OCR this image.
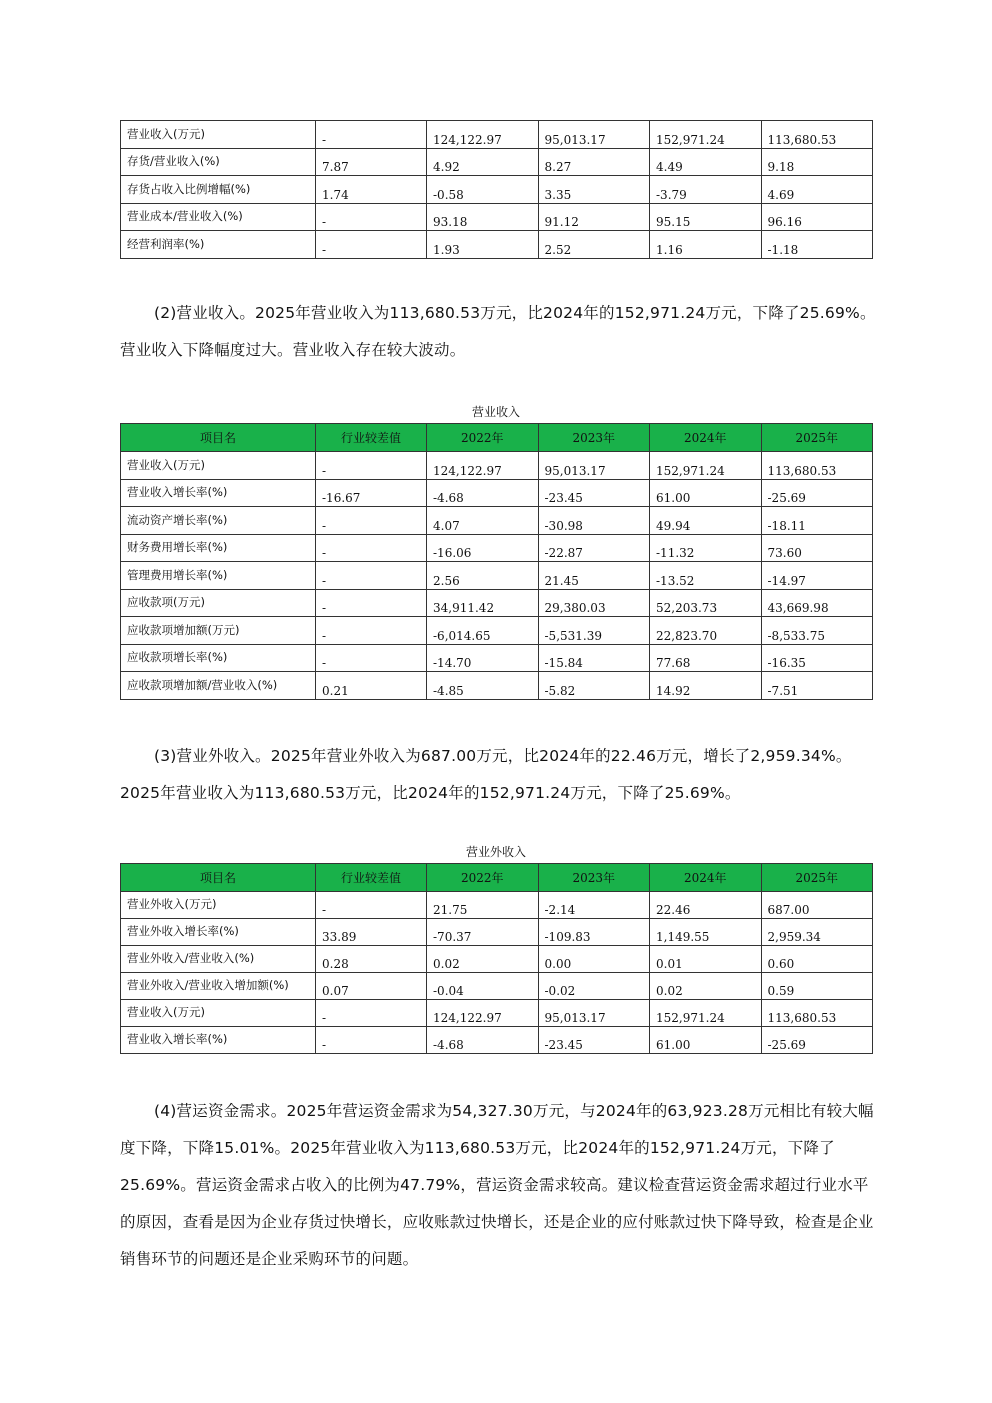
营业收入(万元)	-	124,122.97	95,013.17	152,971.24	113,680.53
存货/营业收入(%)	7.87	4.92	8.27	4.49	9.18
存货占收入比例增幅(%)	1.74	-0.58	3.35	-3.79	4.69
营业成本/营业收入(%)	-	93.18	91.12	95.15	96.16
经营利润率(%)	-	1.93	2.52	1.16	-1.18

(2)营业收入。2025年营业收入为113,680.53万元，比2024年的152,971.24万元，下降了25.69%。营业收入下降幅度过大。营业收入存在较大波动。

营业收入
项目名	行业较差值	2022年	2023年	2024年	2025年
营业收入(万元)	-	124,122.97	95,013.17	152,971.24	113,680.53
营业收入增长率(%)	-16.67	-4.68	-23.45	61.00	-25.69
流动资产增长率(%)	-	4.07	-30.98	49.94	-18.11
财务费用增长率(%)	-	-16.06	-22.87	-11.32	73.60
管理费用增长率(%)	-	2.56	21.45	-13.52	-14.97
应收款项(万元)	-	34,911.42	29,380.03	52,203.73	43,669.98
应收款项增加额(万元)	-	-6,014.65	-5,531.39	22,823.70	-8,533.75
应收款项增长率(%)	-	-14.70	-15.84	77.68	-16.35
应收款项增加额/营业收入(%)	0.21	-4.85	-5.82	14.92	-7.51

(3)营业外收入。2025年营业外收入为687.00万元，比2024年的22.46万元，增长了2,959.34%。2025年营业收入为113,680.53万元，比2024年的152,971.24万元，下降了25.69%。

营业外收入
项目名	行业较差值	2022年	2023年	2024年	2025年
营业外收入(万元)	-	21.75	-2.14	22.46	687.00
营业外收入增长率(%)	33.89	-70.37	-109.83	1,149.55	2,959.34
营业外收入/营业收入(%)	0.28	0.02	0.00	0.01	0.60
营业外收入/营业收入增加额(%)	0.07	-0.04	-0.02	0.02	0.59
营业收入(万元)	-	124,122.97	95,013.17	152,971.24	113,680.53
营业收入增长率(%)	-	-4.68	-23.45	61.00	-25.69

(4)营运资金需求。2025年营运资金需求为54,327.30万元，与2024年的63,923.28万元相比有较大幅度下降，下降15.01%。2025年营业收入为113,680.53万元，比2024年的152,971.24万元，下降了25.69%。营运资金需求占收入的比例为47.79%，营运资金需求较高。建议检查营运资金需求超过行业水平的原因，查看是因为企业存货过快增长，应收账款过快增长，还是企业的应付账款过快下降导致，检查是企业销售环节的问题还是企业采购环节的问题。
